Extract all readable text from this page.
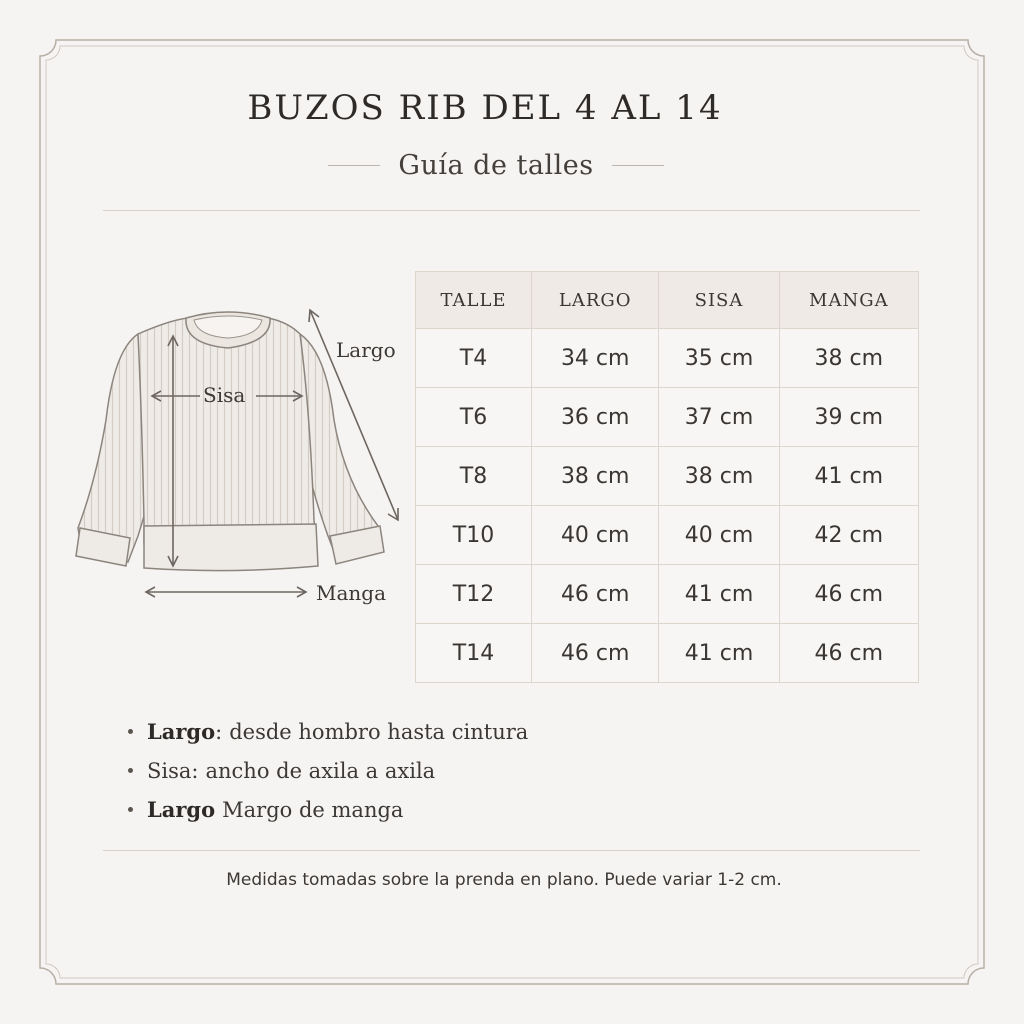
BUZOS RIB DEL 4 AL 14
Guía de talles
Largo
Sisa
Manga
TALLE	LARGO	SISA	MANGA
T4	34 cm	35 cm	38 cm
T6	36 cm	37 cm	39 cm
T8	38 cm	38 cm	41 cm
T10	40 cm	40 cm	42 cm
T12	46 cm	41 cm	46 cm
T14	46 cm	41 cm	46 cm
Largo : desde hombro hasta cintura
Sisa : ancho de axila a axila
Largo Margo de manga
Medidas tomadas sobre la prenda en plano. Puede variar 1-2 cm.
